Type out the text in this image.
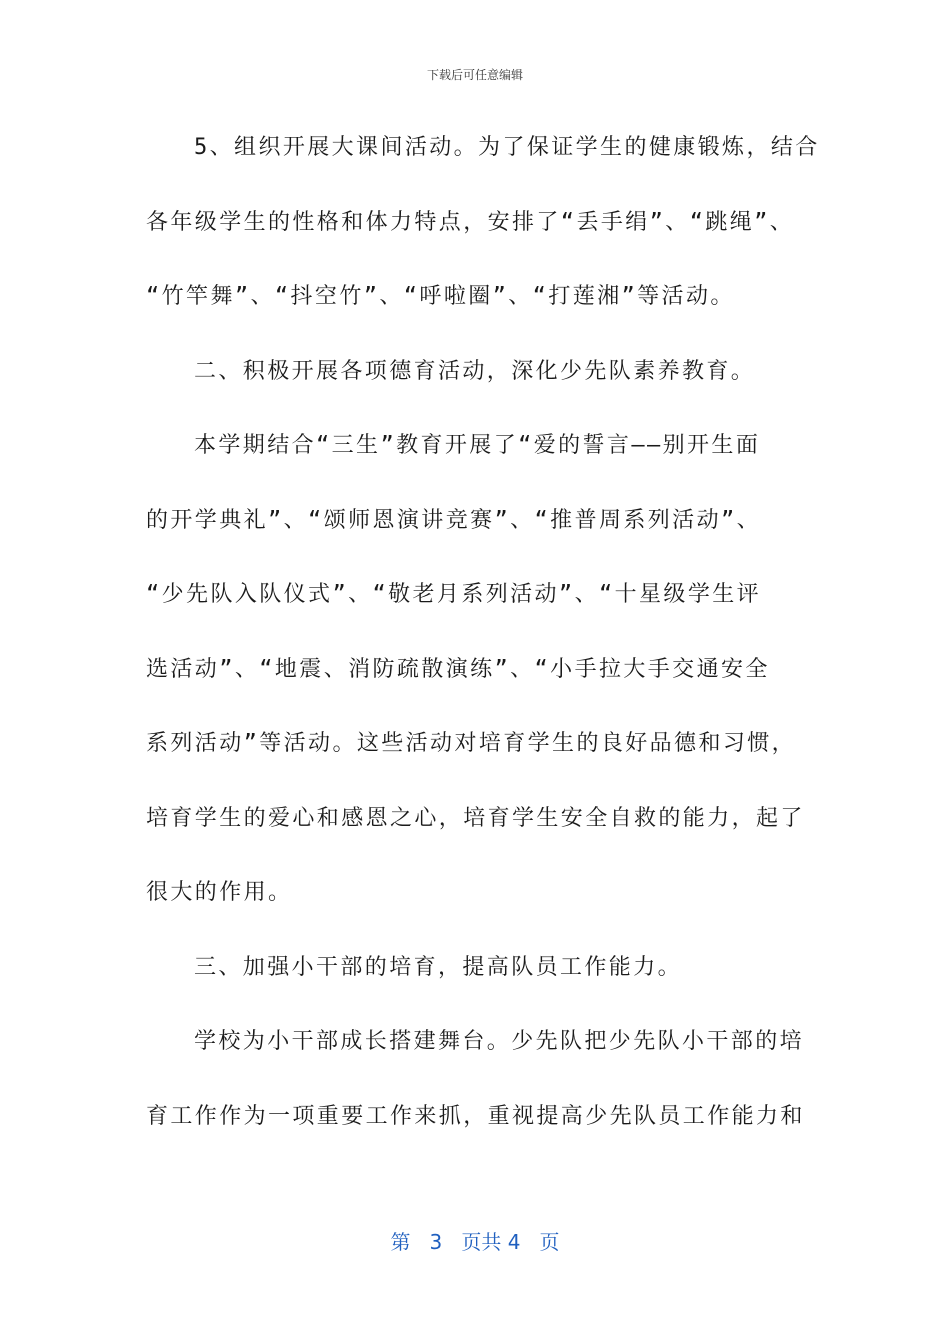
下载后可任意编辑
5、组织开展大课间活动。为了保证学生的健康锻炼，结合
各年级学生的性格和体力特点，安排了“丢手绢”、“跳绳”、
“竹竿舞”、“抖空竹”、“呼啦圈”、“打莲湘”等活动。
二、积极开展各项德育活动，深化少先队素养教育。
本学期结合“三生”教育开展了“爱的誓言——别开生面
的开学典礼”、“颂师恩演讲竞赛”、“推普周系列活动”、
“少先队入队仪式”、“敬老月系列活动”、“十星级学生评
选活动”、“地震、消防疏散演练”、“小手拉大手交通安全
系列活动”等活动。这些活动对培育学生的良好品德和习惯，
培育学生的爱心和感恩之心，培育学生安全自救的能力，起了
很大的作用。
三、加强小干部的培育，提高队员工作能力。
学校为小干部成长搭建舞台。少先队把少先队小干部的培
育工作作为一项重要工作来抓，重视提高少先队员工作能力和
第 3 页共 4 页
